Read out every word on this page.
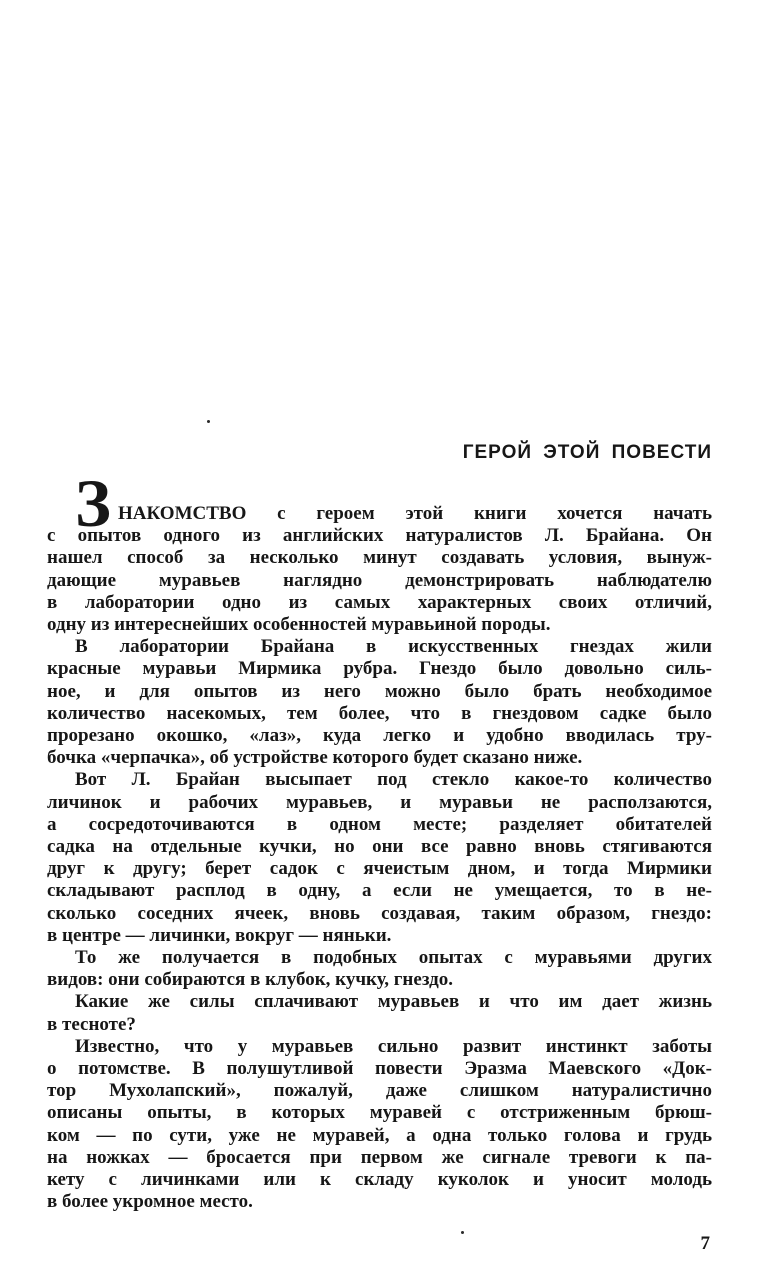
ГЕРОЙ ЭТОЙ ПОВЕСТИ
З НАКОМСТВО с героем этой книги хочется начать
с опытов одного из английских натуралистов Л. Брайана. Он
нашел способ за несколько минут создавать условия, вынуж-
дающие муравьев наглядно демонстрировать наблюдателю
в лаборатории одно из самых характерных своих отличий,
одну из интереснейших особенностей муравьиной породы.
В лаборатории Брайана в искусственных гнездах жили
красные муравьи Мирмика рубра. Гнездо было довольно силь-
ное, и для опытов из него можно было брать необходимое
количество насекомых, тем более, что в гнездовом садке было
прорезано окошко, «лаз», куда легко и удобно вводилась тру-
бочка «черпачка», об устройстве которого будет сказано ниже.
Вот Л. Брайан высыпает под стекло какое-то количество
личинок и рабочих муравьев, и муравьи не расползаются,
а сосредоточиваются в одном месте; разделяет обитателей
садка на отдельные кучки, но они все равно вновь стягиваются
друг к другу; берет садок с ячеистым дном, и тогда Мирмики
складывают расплод в одну, а если не умещается, то в не-
сколько соседних ячеек, вновь создавая, таким образом, гнездо:
в центре — личинки, вокруг — няньки.
То же получается в подобных опытах с муравьями других
видов: они собираются в клубок, кучку, гнездо.
Какие же силы сплачивают муравьев и что им дает жизнь
в тесноте?
Известно, что у муравьев сильно развит инстинкт заботы
о потомстве. В полушутливой повести Эразма Маевского «Док-
тор Мухолапский», пожалуй, даже слишком натуралистично
описаны опыты, в которых муравей с отстриженным брюш-
ком — по сути, уже не муравей, а одна только голова и грудь
на ножках — бросается при первом же сигнале тревоги к па-
кету с личинками или к складу куколок и уносит молодь
в более укромное место.
7
